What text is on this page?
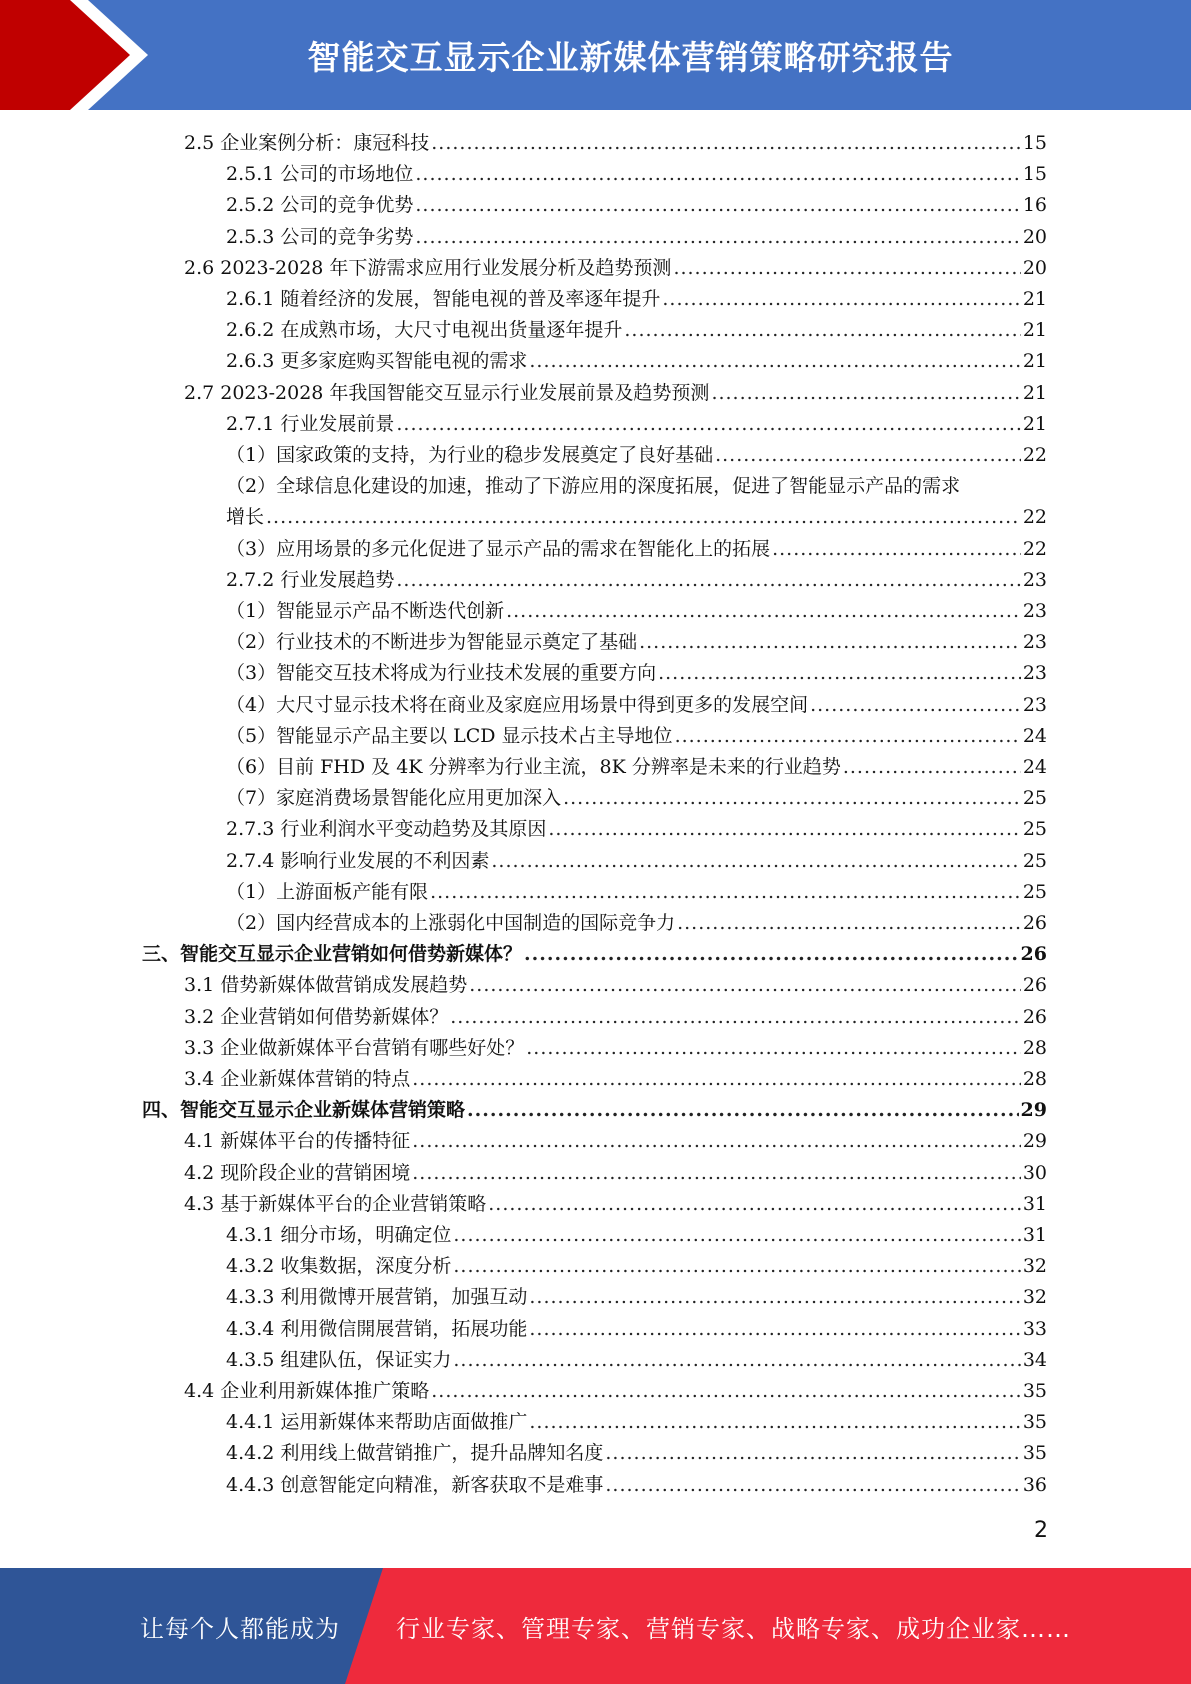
智能交互显示企业新媒体营销策略研究报告
2.5 企业案例分析：康冠科技 .....	15
2.5.1 公司的市场地位 .....	15
2.5.2 公司的竞争优势 .....	16
2.5.3 公司的竞争劣势 .....	20
2.6 2023-2028 年下游需求应用行业发展分析及趋势预测 .....	20
2.6.1 随着经济的发展，智能电视的普及率逐年提升 .....	21
2.6.2 在成熟市场，大尺寸电视出货量逐年提升 .....	21
2.6.3 更多家庭购买智能电视的需求 .....	21
2.7 2023-2028 年我国智能交互显示行业发展前景及趋势预测 .....	21
2.7.1 行业发展前景 .....	21
（1）国家政策的支持，为行业的稳步发展奠定了良好基础 .....	22
（2）全球信息化建设的加速，推动了下游应用的深度拓展，促进了智能显示产品的需求
增长 .....	22
（3）应用场景的多元化促进了显示产品的需求在智能化上的拓展 .....	22
2.7.2 行业发展趋势 .....	23
（1）智能显示产品不断迭代创新 .....	23
（2）行业技术的不断进步为智能显示奠定了基础 .....	23
（3）智能交互技术将成为行业技术发展的重要方向 .....	23
（4）大尺寸显示技术将在商业及家庭应用场景中得到更多的发展空间 .....	23
（5）智能显示产品主要以 LCD 显示技术占主导地位 .....	24
（6）目前 FHD 及 4K 分辨率为行业主流，8K 分辨率是未来的行业趋势 .....	24
（7）家庭消费场景智能化应用更加深入 .....	25
2.7.3 行业利润水平变动趋势及其原因 .....	25
2.7.4 影响行业发展的不利因素 .....	25
（1）上游面板产能有限 .....	25
（2）国内经营成本的上涨弱化中国制造的国际竞争力 .....	26
三、智能交互显示企业营销如何借势新媒体？ .....	26
3.1 借势新媒体做营销成发展趋势 .....	26
3.2 企业营销如何借势新媒体？ .....	26
3.3 企业做新媒体平台营销有哪些好处？ .....	28
3.4 企业新媒体营销的特点 .....	28
四、智能交互显示企业新媒体营销策略 .....	29
4.1 新媒体平台的传播特征 .....	29
4.2 现阶段企业的营销困境 .....	30
4.3 基于新媒体平台的企业营销策略 .....	31
4.3.1 细分市场，明确定位 .....	31
4.3.2 收集数据，深度分析 .....	32
4.3.3 利用微博开展营销，加强互动 .....	32
4.3.4 利用微信開展营销，拓展功能 .....	33
4.3.5 组建队伍，保证实力 .....	34
4.4 企业利用新媒体推广策略 .....	35
4.4.1 运用新媒体来帮助店面做推广 .....	35
4.4.2 利用线上做营销推广，提升品牌知名度 .....	35
4.4.3 创意智能定向精准，新客获取不是难事 .....	36
2
让每个人都能成为 行业专家、管理专家、营销专家、战略专家、成功企业家……
